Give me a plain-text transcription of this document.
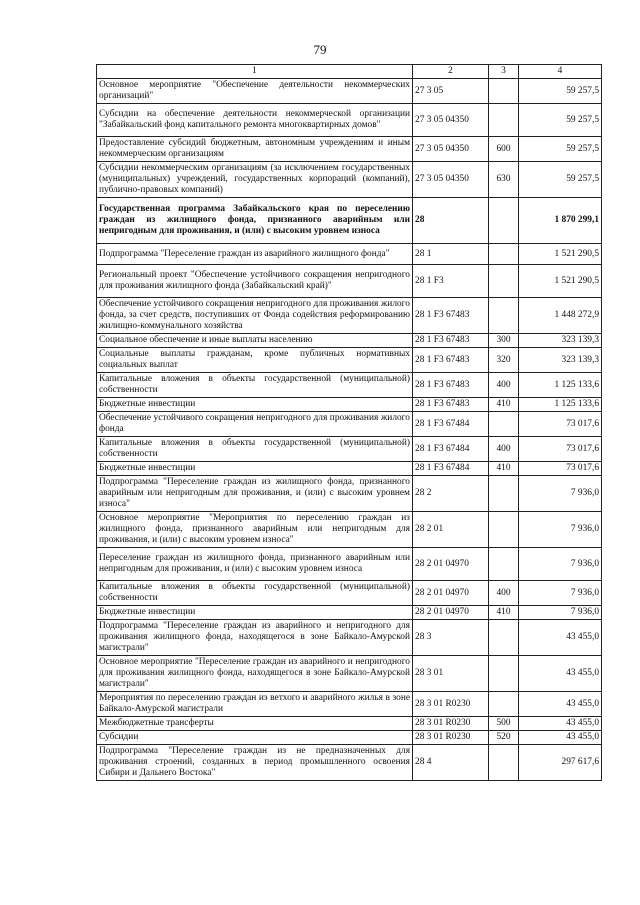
79
1	2	3	4
Основное мероприятие "Обеспечение деятельности некоммерческих организаций"	27 3 05		59 257,5
Субсидии на обеспечение деятельности некоммерческой организации "Забайкальский фонд капитального ремонта многоквартирных домов"	27 3 05 04350		59 257,5
Предоставление субсидий бюджетным, автономным учреждениям и иным некоммерческим организациям	27 3 05 04350	600	59 257,5
Субсидии некоммерческим организациям (за исключением государственных (муниципальных) учреждений, государственных корпораций (компаний), публично-правовых компаний)	27 3 05 04350	630	59 257,5
Государственная программа Забайкальского края по переселению граждан из жилищного фонда, признанного аварийным или непригодным для проживания, и (или) с высоким уровнем износа	28		1 870 299,1
Подпрограмма "Переселение граждан из аварийного жилищного фонда"	28 1		1 521 290,5
Региональный проект "Обеспечение устойчивого сокращения непригодного для проживания жилищного фонда (Забайкальский край)"	28 1 F3		1 521 290,5
Обеспечение устойчивого сокращения непригодного для проживания жилого фонда, за счет средств, поступивших от Фонда содействия реформированию жилищно-коммунального хозяйства	28 1 F3 67483		1 448 272,9
Социальное обеспечение и иные выплаты населению	28 1 F3 67483	300	323 139,3
Социальные выплаты гражданам, кроме публичных нормативных социальных выплат	28 1 F3 67483	320	323 139,3
Капитальные вложения в объекты государственной (муниципальной) собственности	28 1 F3 67483	400	1 125 133,6
Бюджетные инвестиции	28 1 F3 67483	410	1 125 133,6
Обеспечение устойчивого сокращения непригодного для проживания жилого фонда	28 1 F3 67484		73 017,6
Капитальные вложения в объекты государственной (муниципальной) собственности	28 1 F3 67484	400	73 017,6
Бюджетные инвестиции	28 1 F3 67484	410	73 017,6
Подпрограмма "Переселение граждан из жилищного фонда, признанного аварийным или непригодным для проживания, и (или) с высоким уровнем износа"	28 2		7 936,0
Основное мероприятие "Мероприятия по переселению граждан из жилищного фонда, признанного аварийным или непригодным для проживания, и (или) с высоким уровнем износа"	28 2 01		7 936,0
Переселение граждан из жилищного фонда, признанного аварийным или непригодным для проживания, и (или) с высоким уровнем износа	28 2 01 04970		7 936,0
Капитальные вложения в объекты государственной (муниципальной) собственности	28 2 01 04970	400	7 936,0
Бюджетные инвестиции	28 2 01 04970	410	7 936,0
Подпрограмма "Переселение граждан из аварийного и непригодного для проживания жилищного фонда, находящегося в зоне Байкало-Амурской магистрали"	28 3		43 455,0
Основное мероприятие "Переселение граждан из аварийного и непригодного для проживания жилищного фонда, находящегося в зоне Байкало-Амурской магистрали"	28 3 01		43 455,0
Мероприятия по переселению граждан из ветхого и аварийного жилья в зоне Байкало-Амурской магистрали	28 3 01 R0230		43 455,0
Межбюджетные трансферты	28 3 01 R0230	500	43 455,0
Субсидии	28 3 01 R0230	520	43 455,0
Подпрограмма "Переселение граждан из не предназначенных для проживания строений, созданных в период промышленного освоения Сибири и Дальнего Востока"	28 4		297 617,6
